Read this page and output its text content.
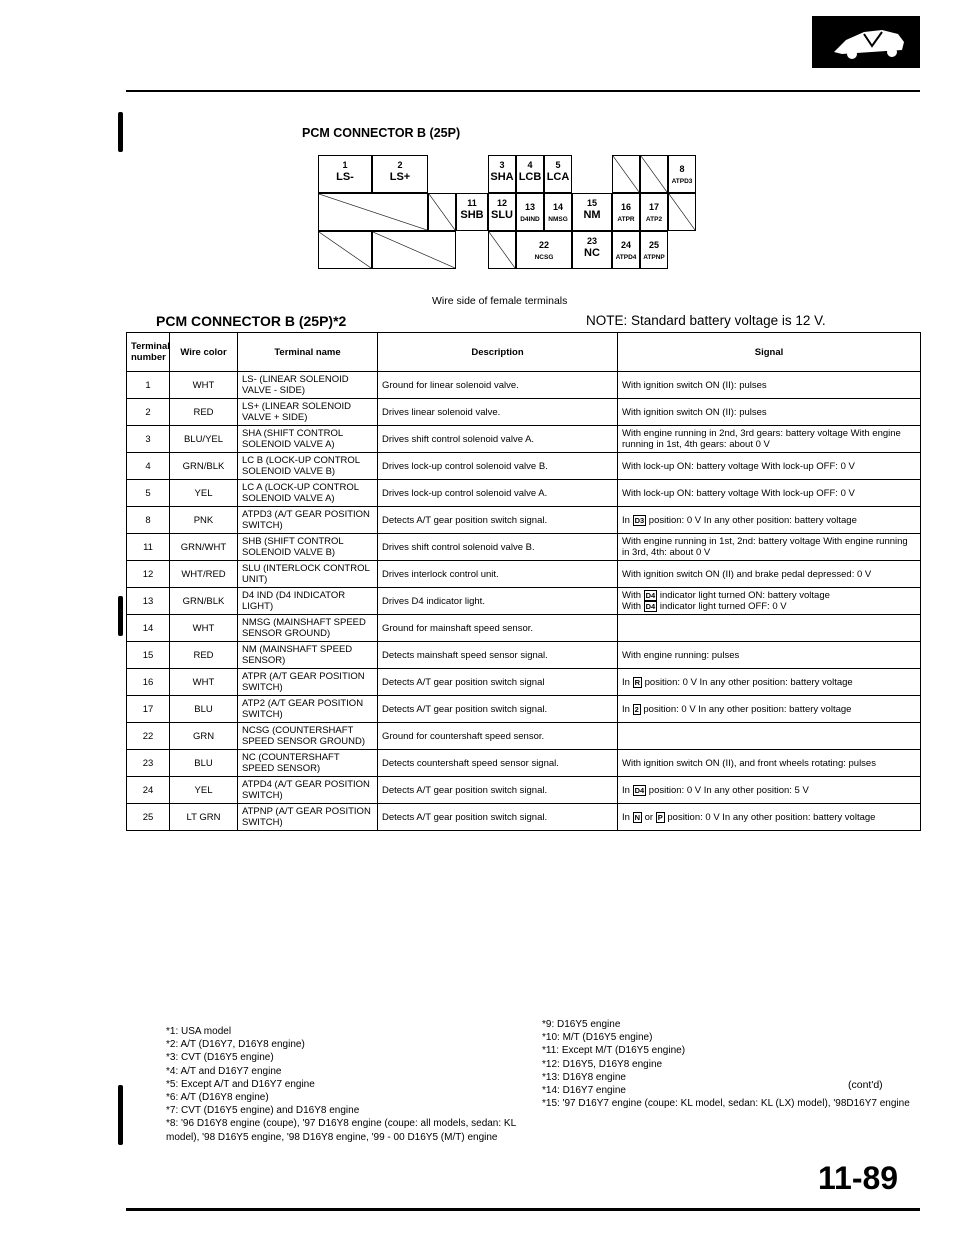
PCM CONNECTOR B (25P)
1
LS-
2
LS+
3
SHA
4
LCB
5
LCA
8
ATPD3
11
SHB
12
SLU
13
D4IND
14
NMSG
15
NM
16
ATPR
17
ATP2
22
NCSG
23
NC
24
ATPD4
25
ATPNP
Wire side of female terminals
PCM CONNECTOR B (25P)*2	NOTE: Standard battery voltage is 12 V.
Terminal number	Wire color	Terminal name	Description	Signal
1	WHT	LS- (LINEAR SOLENOID VALVE - SIDE)	Ground for linear solenoid valve.	With ignition switch ON (II): pulses
2	RED	LS+ (LINEAR SOLENOID VALVE + SIDE)	Drives linear solenoid valve.	With ignition switch ON (II): pulses
3	BLU/YEL	SHA (SHIFT CONTROL SOLENOID VALVE A)	Drives shift control solenoid valve A.	With engine running in 2nd, 3rd gears: battery voltage With engine running in 1st, 4th gears: about 0 V
4	GRN/BLK	LC B (LOCK-UP CONTROL SOLENOID VALVE B)	Drives lock-up control solenoid valve B.	With lock-up ON: battery voltage With lock-up OFF: 0 V
5	YEL	LC A (LOCK-UP CONTROL SOLENOID VALVE A)	Drives lock-up control solenoid valve A.	With lock-up ON: battery voltage With lock-up OFF: 0 V
8	PNK	ATPD3 (A/T GEAR POSITION SWITCH)	Detects A/T gear position switch signal.	In D3 position: 0 V In any other position: battery voltage
11	GRN/WHT	SHB (SHIFT CONTROL SOLENOID VALVE B)	Drives shift control solenoid valve B.	With engine running in 1st, 2nd: battery voltage With engine running in 3rd, 4th: about 0 V
12	WHT/RED	SLU (INTERLOCK CONTROL UNIT)	Drives interlock control unit.	With ignition switch ON (II) and brake pedal depressed: 0 V
13	GRN/BLK	D4 IND (D4 INDICATOR LIGHT)	Drives D4 indicator light.	With D4 indicator light turned ON: battery voltage
With D4 indicator light turned OFF: 0 V
14	WHT	NMSG (MAINSHAFT SPEED SENSOR GROUND)	Ground for mainshaft speed sensor.	
15	RED	NM (MAINSHAFT SPEED SENSOR)	Detects mainshaft speed sensor signal.	With engine running: pulses
16	WHT	ATPR (A/T GEAR POSITION SWITCH)	Detects A/T gear position switch signal	In R position: 0 V In any other position: battery voltage
17	BLU	ATP2 (A/T GEAR POSITION SWITCH)	Detects A/T gear position switch signal.	In 2 position: 0 V In any other position: battery voltage
22	GRN	NCSG (COUNTERSHAFT SPEED SENSOR GROUND)	Ground for countershaft speed sensor.	
23	BLU	NC (COUNTERSHAFT SPEED SENSOR)	Detects countershaft speed sensor signal.	With ignition switch ON (II), and front wheels rotating: pulses
24	YEL	ATPD4 (A/T GEAR POSITION SWITCH)	Detects A/T gear position switch signal.	In D4 position: 0 V In any other position: 5 V
25	LT GRN	ATPNP (A/T GEAR POSITION SWITCH)	Detects A/T gear position switch signal.	In N or P position: 0 V In any other position: battery voltage

*1: USA model

*2: A/T (D16Y7, D16Y8 engine)

*3: CVT (D16Y5 engine)

*4: A/T and D16Y7 engine

*5: Except A/T and D16Y7 engine

*6: A/T (D16Y8 engine)

*7: CVT (D16Y5 engine) and D16Y8 engine

*8: '96 D16Y8 engine (coupe), '97 D16Y8 engine (coupe: all models, sedan: KL model), '98 D16Y5 engine, '98 D16Y8 engine, '99 - 00 D16Y5 (M/T) engine

*9: D16Y5 engine

*10: M/T (D16Y5 engine)

*11: Except M/T (D16Y5 engine)

*12: D16Y5, D16Y8 engine

*13: D16Y8 engine

*14: D16Y7 engine

*15: '97 D16Y7 engine (coupe: KL model, sedan: KL (LX) model), '98D16Y7 engine

(cont'd)
11-89
